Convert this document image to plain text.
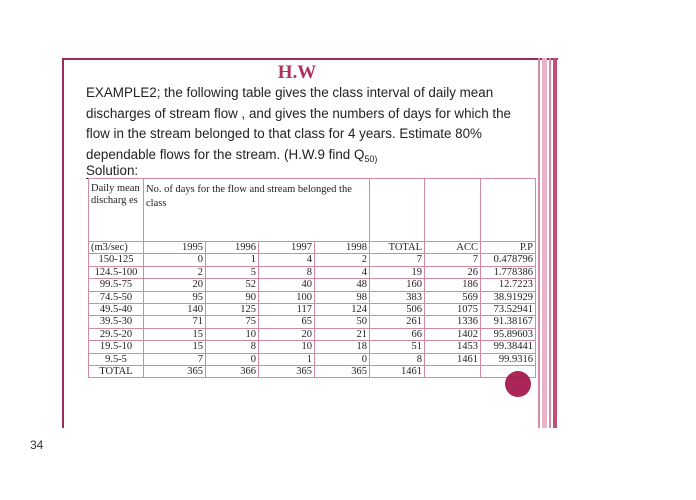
H.W
EXAMPLE2; the following table gives the class interval of daily mean discharges of stream flow , and gives the numbers of days for which the flow in the stream belonged to that class for 4 years. Estimate 80% dependable flows for the stream. (H.W.9 find $Q_{50)}$
Solution:
Daily mean discharg es	No. of days for the flow and stream belonged the class						
(m3/sec)	1995	1996	1997	1998	TOTAL	ACC	P.P
150-125	0	1	4	2	7	7	0.478796
124.5-100	2	5	8	4	19	26	1.778386
99.5-75	20	52	40	48	160	186	12.7223
74.5-50	95	90	100	98	383	569	38.91929
49.5-40	140	125	117	124	506	1075	73.52941
39.5-30	71	75	65	50	261	1336	91.38167
29.5-20	15	10	20	21	66	1402	95.89603
19.5-10	15	8	10	18	51	1453	99.38441
9.5-5	7	0	1	0	8	1461	99.9316
TOTAL	365	366	365	365	1461		
34
